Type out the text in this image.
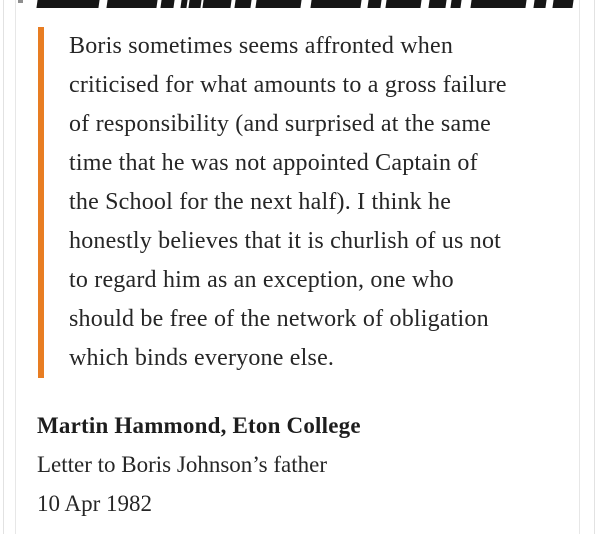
Boris sometimes seems affronted when
criticised for what amounts to a gross failure
of responsibility (and surprised at the same
time that he was not appointed Captain of
the School for the next half). I think he
honestly believes that it is churlish of us not
to regard him as an exception, one who
should be free of the network of obligation
which binds everyone else.

Martin Hammond, Eton College

Letter to Boris Johnson’s father

10 Apr 1982
